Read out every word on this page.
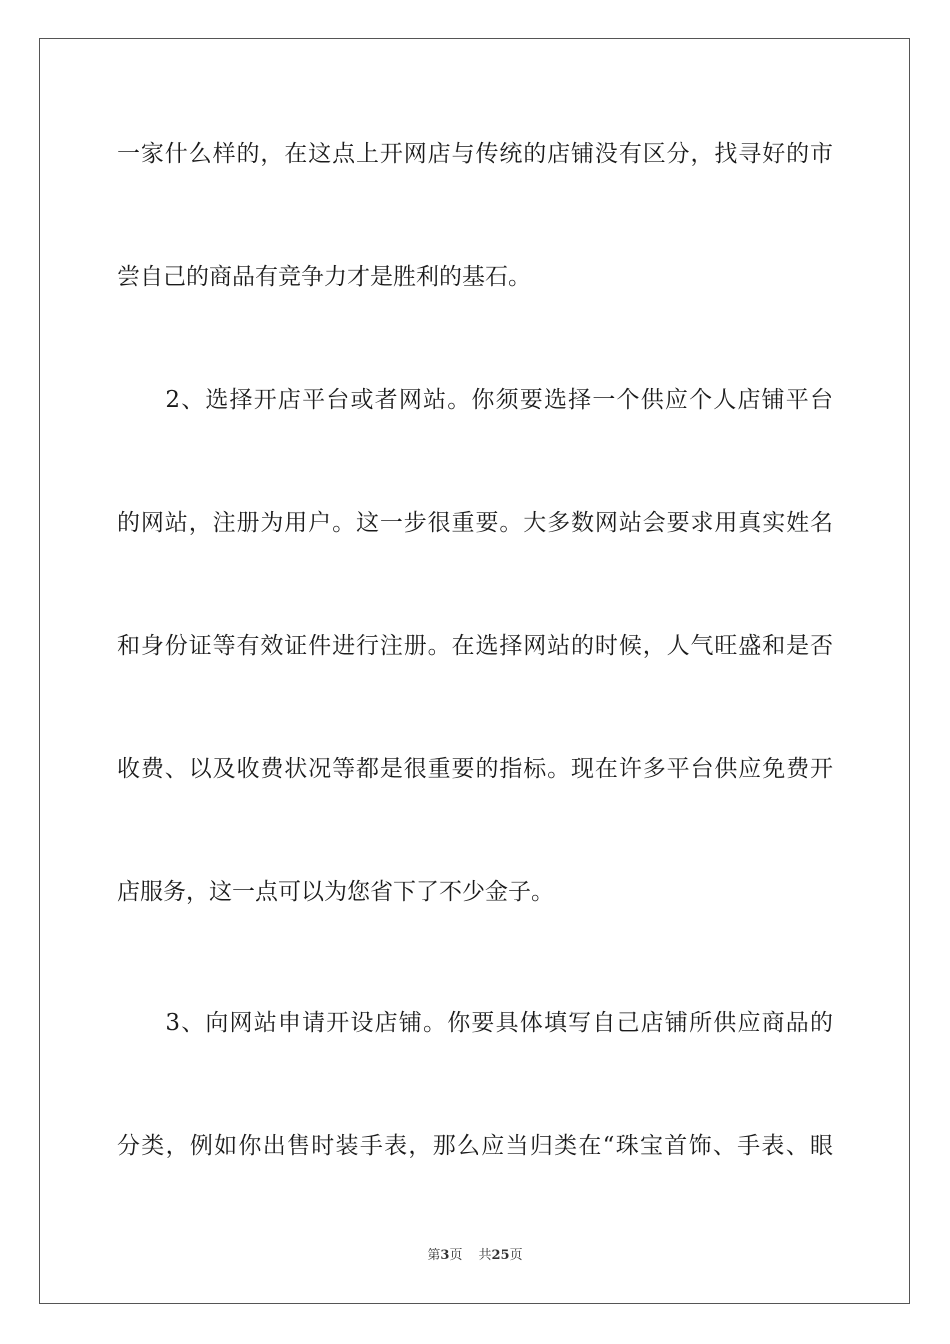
一家什么样的，在这点上开网店与传统的店铺没有区分，找寻好的市
尝自己的商品有竞争力才是胜利的基石。
　　2、选择开店平台或者网站。你须要选择一个供应个人店铺平台
的网站，注册为用户。这一步很重要。大多数网站会要求用真实姓名
和身份证等有效证件进行注册。在选择网站的时候，人气旺盛和是否
收费、以及收费状况等都是很重要的指标。现在许多平台供应免费开
店服务，这一点可以为您省下了不少金子。
　　3、向网站申请开设店铺。你要具体填写自己店铺所供应商品的
分类，例如你出售时装手表，那么应当归类在“珠宝首饰、手表、眼
第3页 共25页
